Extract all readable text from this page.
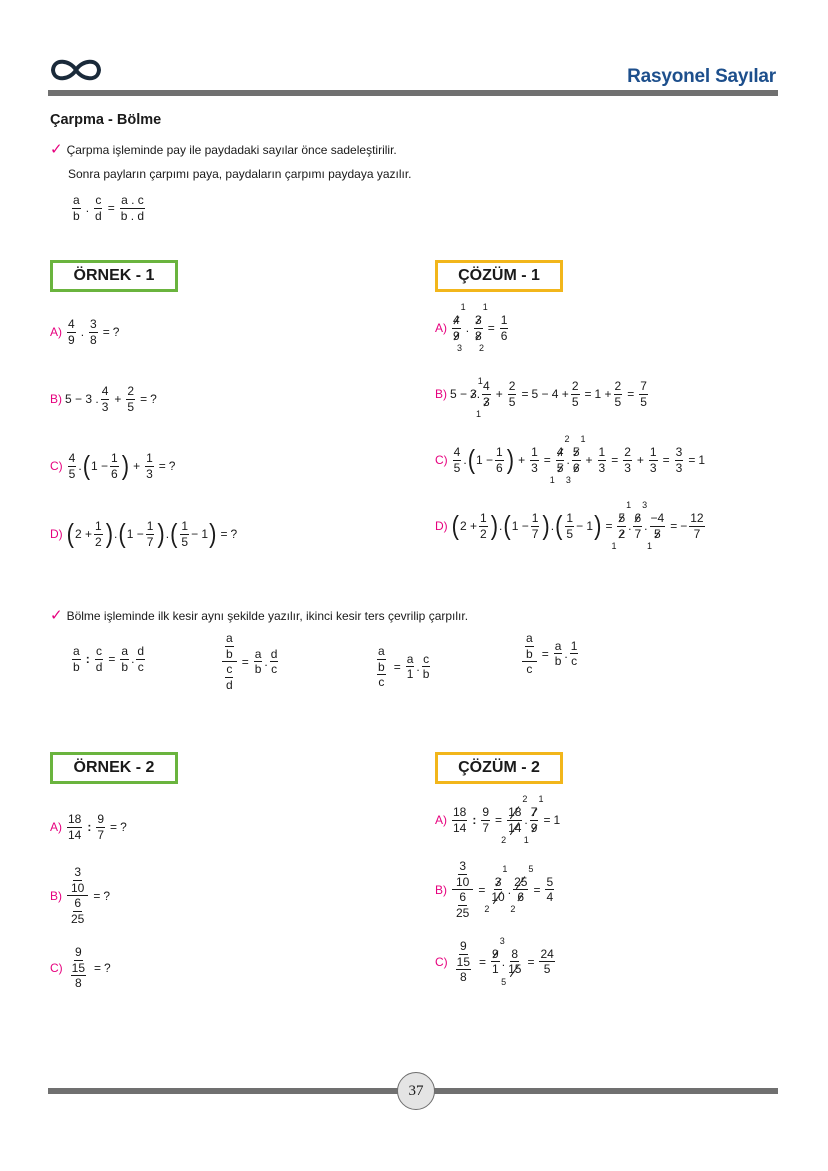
Rasyonel Sayılar
Çarpma - Bölme
✓ Çarpma işleminde pay ile paydadaki sayılar önce sadeleştirilir.
Sonra payların çarpımı paya, paydaların çarpımı paydaya yazılır.
$\frac{a}{b}$ . $\frac{c}{d} = \frac{a . c}{b . d}$
ÖRNEK - 1	ÇÖZÜM - 1
$A) \frac{4}{9}$ . $\frac{3}{8}$ = ?
B) 5 − 3 . $\frac{4}{3} + \frac{2}{5}$ = ?
$C) \frac{4}{5}$ . ( $1 - \frac{1}{6}$ ) + $\frac{1}{3}$ = ?
D) ( $2 + \frac{1}{2}$ ) . ( $1 - \frac{1}{7}$ ) . ( $\frac{1}{5} - 1$ ) = ?
A) 4
1
9
3 . 3
1
8
$2 = \frac{1}{6}$
B) 5 − 3
1
. 4
3
$1 + \frac{2}{5} = 5 - 4 + \frac{2}{5} = 1 + \frac{2}{5} = \frac{7}{5}$
$C) \frac{4}{5}$ . ( $1 - \frac{1}{6}$ ) + $\frac{1}{3} = 4$
2
5
1 . 5
1
6
$3 + \frac{1}{3} = \frac{2}{3} + \frac{1}{3} = \frac{3}{3} = 1$
D) ( $2 + \frac{1}{2}$ ) . ( $1 - \frac{1}{7}$ ) . ( $\frac{1}{5} - 1$ ) = 5
1
2
1 . 6
3
7 . −4
5
1 = − $\frac{12}{7}$
✓ Bölme işleminde ilk kesir aynı şekilde yazılır, ikinci kesir ters çevrilip çarpılır.
$\frac{a}{b}$ : $\frac{c}{d} = \frac{a}{b}$ . $\frac{d}{c}$	$\frac{\frac{a}{b}}{\frac{c}{d}} = \frac{a}{b}$ . $\frac{d}{c}$	$\frac{a}{\frac{b}{c}} = \frac{a}{1}$ . $\frac{c}{b}$	$\frac{\frac{a}{b}}{c} = \frac{a}{b}$ . $\frac{1}{c}$
ÖRNEK - 2	ÇÖZÜM - 2
$A) \frac{18}{14}$ : $\frac{9}{7}$ = ?
$B) \frac{\frac{3}{10}}{\frac{6}{25}}$ = ?
$C) \frac{9}{\frac{15}{8}}$ = ?
$A) \frac{18}{14}$ : $\frac{9}{7} = 18$
2
14
2 . 7
1
9
1 = 1
$B) \frac{\frac{3}{10}}{\frac{6}{25}} = 3$
1
10
2 . 25
5
6
$2 = \frac{5}{4}$
$C) \frac{9}{\frac{15}{8}} = 9$
3
1 . 8
15
$5 = \frac{24}{5}$
37
